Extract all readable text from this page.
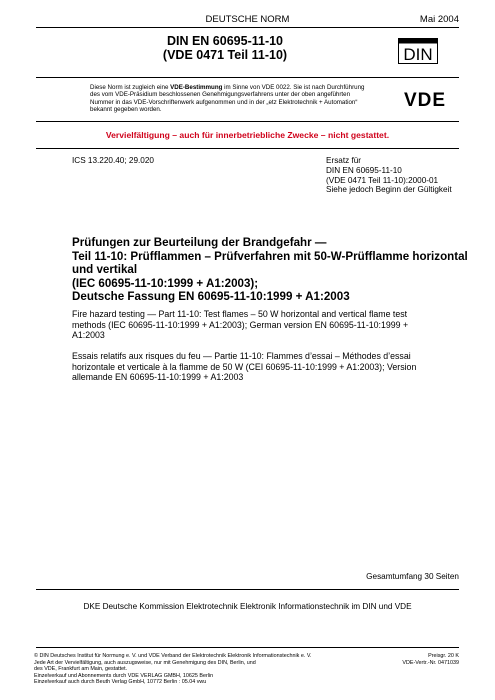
DEUTSCHE NORM	Mai 2004
DIN EN 60695-11-10
(VDE 0471 Teil 11-10)	DIN
Diese Norm ist zugleich eine VDE-Bestimmung im Sinne von VDE 0022. Sie ist nach Durchführung des vom VDE-Präsidium beschlossenen Genehmigungsverfahrens unter der oben angeführten Nummer in das VDE-Vorschriftenwerk aufgenommen und in der „etz Elektrotechnik + Automation“ bekannt gegeben worden.	VDE
Vervielfältigung – auch für innerbetriebliche Zwecke – nicht gestattet.
ICS 13.220.40; 29.020	Ersatz für
DIN EN 60695-11-10
(VDE 0471 Teil 11-10):2000-01
Siehe jedoch Beginn der Gültigkeit
Prüfungen zur Beurteilung der Brandgefahr —
Teil 11-10: Prüfflammen – Prüfverfahren mit 50-W-Prüfflamme horizontal
und vertikal
(IEC 60695-11-10:1999 + A1:2003);
Deutsche Fassung EN 60695-11-10:1999 + A1:2003
Fire hazard testing — Part 11-10: Test flames – 50 W horizontal and vertical flame test
methods (IEC 60695-11-10:1999 + A1:2003); German version EN 60695-11-10:1999 +
A1:2003
Essais relatifs aux risques du feu — Partie 11-10: Flammes d’essai – Méthodes d’essai
horizontale et verticale à la flamme de 50 W (CEI 60695-11-10:1999 + A1:2003); Version
allemande EN 60695-11-10:1999 + A1:2003
Gesamtumfang 30 Seiten
DKE Deutsche Kommission Elektrotechnik Elektronik Informationstechnik im DIN und VDE
© DIN Deutsches Institut für Normung e. V. und VDE Verband der Elektrotechnik Elektronik Informationstechnik e. V.
Jede Art der Vervielfältigung, auch auszugsweise, nur mit Genehmigung des DIN, Berlin, und
des VDE, Frankfurt am Main, gestattet.
Einzelverkauf und Abonnements durch VDE VERLAG GMBH, 10625 Berlin
Einzelverkauf auch durch Beuth Verlag GmbH, 10772 Berlin : 05.04 vwu
Preisgr. 20 K
VDE-Vertr.-Nr. 0471039
